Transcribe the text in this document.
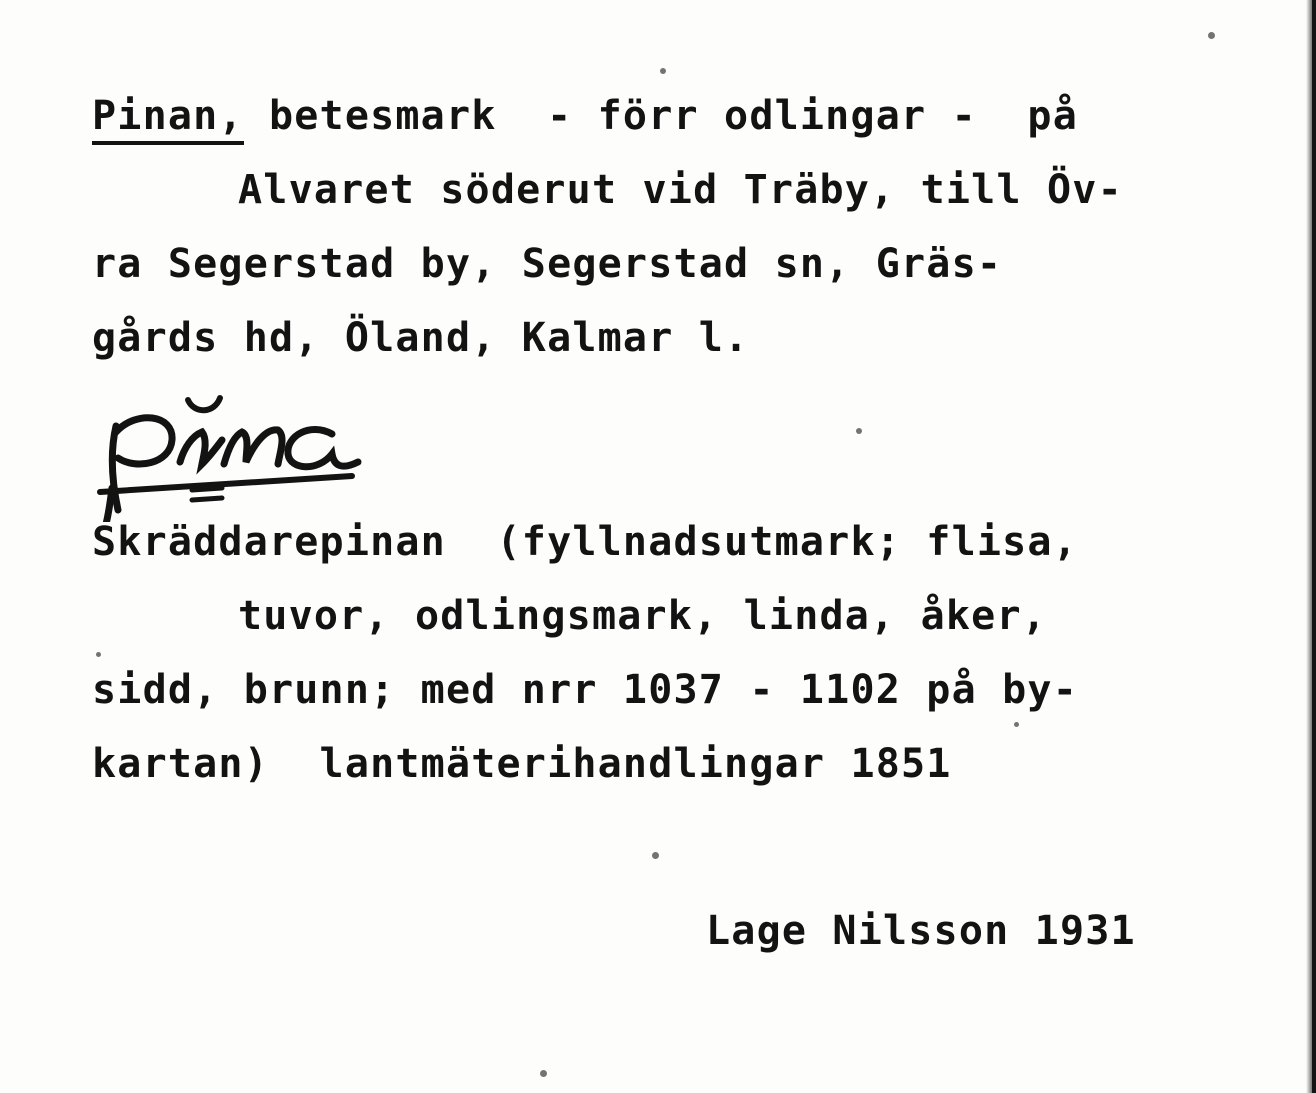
Pinan, betesmark  - förr odlingar -  på
Alvaret söderut vid Träby, till Öv-
ra Segerstad by, Segerstad sn, Gräs-
gårds hd, Öland, Kalmar l.
Skräddarepinan  (fyllnadsutmark; flisa,
tuvor, odlingsmark, linda, åker,
sidd, brunn; med nrr 1037 - 1102 på by-
kartan)  lantmäterihandlingar 1851
Lage Nilsson 1931
